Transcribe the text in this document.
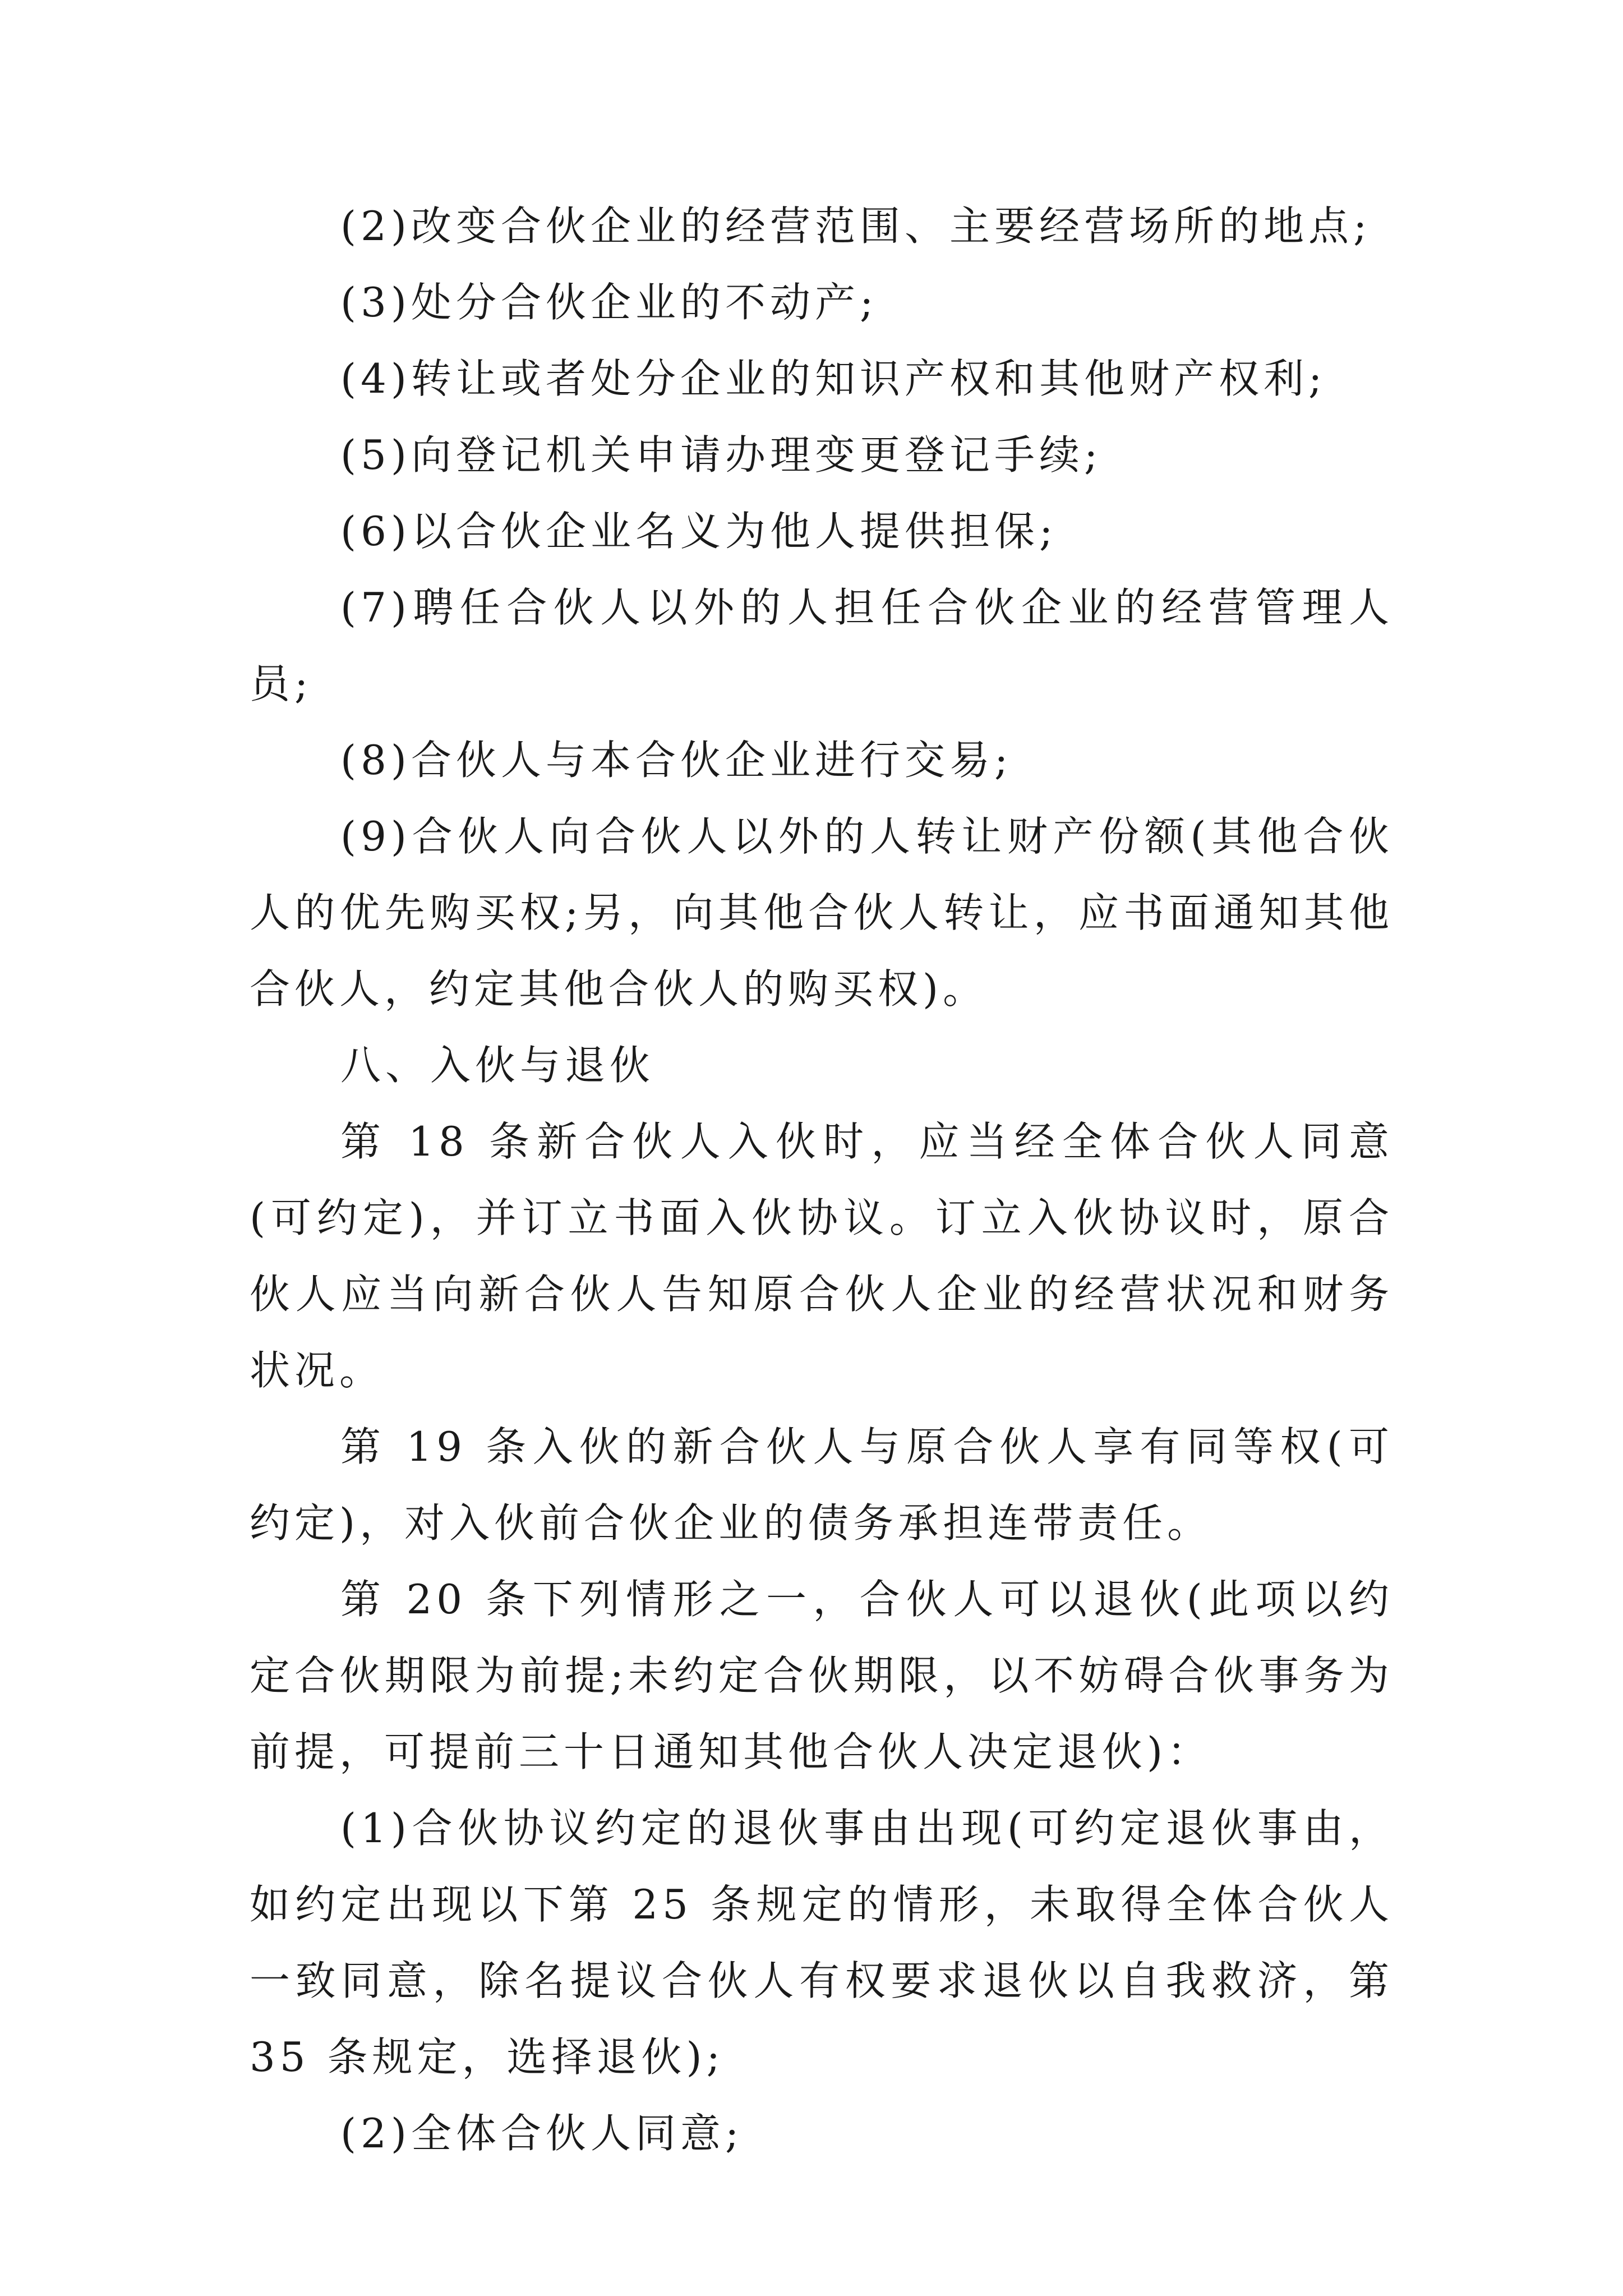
(2)改变合伙企业的经营范围、主要经营场所的地点;

(3)处分合伙企业的不动产;

(4)转让或者处分企业的知识产权和其他财产权利;

(5)向登记机关申请办理变更登记手续;

(6)以合伙企业名义为他人提供担保;

(7)聘任合伙人以外的人担任合伙企业的经营管理人员;

(8)合伙人与本合伙企业进行交易;

(9)合伙人向合伙人以外的人转让财产份额(其他合伙人的优先购买权;另，向其他合伙人转让，应书面通知其他合伙人，约定其他合伙人的购买权)。

八、入伙与退伙

第 18 条新合伙人入伙时，应当经全体合伙人同意(可约定)，并订立书面入伙协议。订立入伙协议时，原合伙人应当向新合伙人告知原合伙人企业的经营状况和财务状况。

第 19 条入伙的新合伙人与原合伙人享有同等权(可约定)，对入伙前合伙企业的债务承担连带责任。

第 20 条下列情形之一，合伙人可以退伙(此项以约定合伙期限为前提;未约定合伙期限，以不妨碍合伙事务为前提，可提前三十日通知其他合伙人决定退伙)：

(1)合伙协议约定的退伙事由出现(可约定退伙事由，如约定出现以下第 25 条规定的情形，未取得全体合伙人一致同意，除名提议合伙人有权要求退伙以自我救济，第 35 条规定，选择退伙);

(2)全体合伙人同意;
